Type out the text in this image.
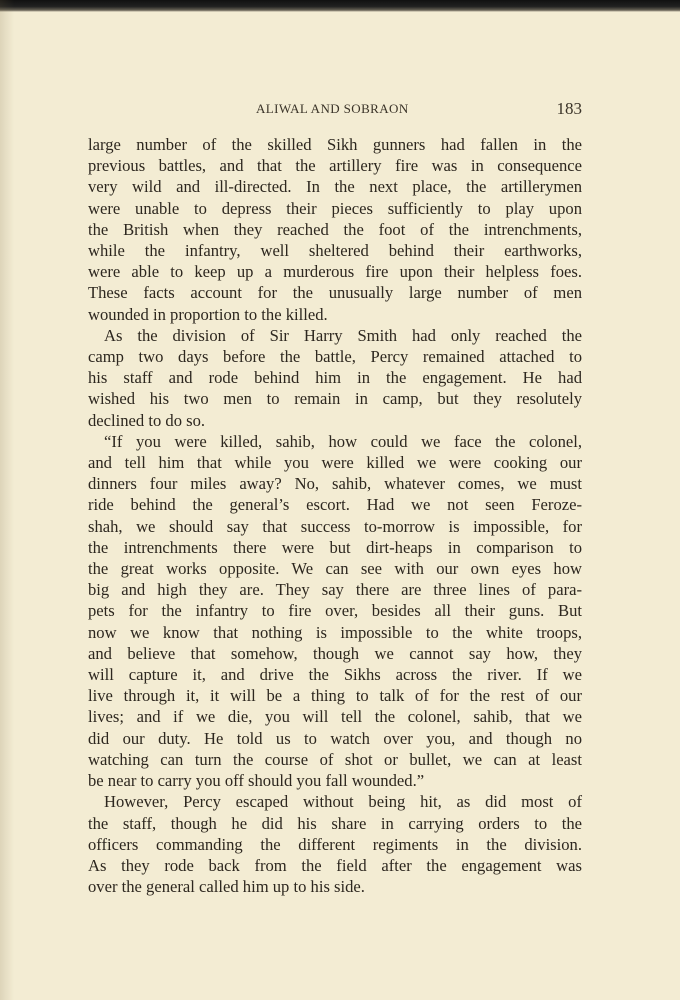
ALIWAL AND SOBRAON	183
large number of the skilled Sikh gunners had fallen in the
previous battles, and that the artillery fire was in consequence
very wild and ill-directed. In the next place, the artillerymen
were unable to depress their pieces sufficiently to play upon
the British when they reached the foot of the intrenchments,
while the infantry, well sheltered behind their earthworks,
were able to keep up a murderous fire upon their helpless foes.
These facts account for the unusually large number of men
wounded in proportion to the killed.
As the division of Sir Harry Smith had only reached the
camp two days before the battle, Percy remained attached to
his staff and rode behind him in the engagement. He had
wished his two men to remain in camp, but they resolutely
declined to do so.
“If you were killed, sahib, how could we face the colonel,
and tell him that while you were killed we were cooking our
dinners four miles away? No, sahib, whatever comes, we must
ride behind the general’s escort. Had we not seen Feroze-
shah, we should say that success to-morrow is impossible, for
the intrenchments there were but dirt-heaps in comparison to
the great works opposite. We can see with our own eyes how
big and high they are. They say there are three lines of para-
pets for the infantry to fire over, besides all their guns. But
now we know that nothing is impossible to the white troops,
and believe that somehow, though we cannot say how, they
will capture it, and drive the Sikhs across the river. If we
live through it, it will be a thing to talk of for the rest of our
lives; and if we die, you will tell the colonel, sahib, that we
did our duty. He told us to watch over you, and though no
watching can turn the course of shot or bullet, we can at least
be near to carry you off should you fall wounded.”
However, Percy escaped without being hit, as did most of
the staff, though he did his share in carrying orders to the
officers commanding the different regiments in the division.
As they rode back from the field after the engagement was
over the general called him up to his side.
